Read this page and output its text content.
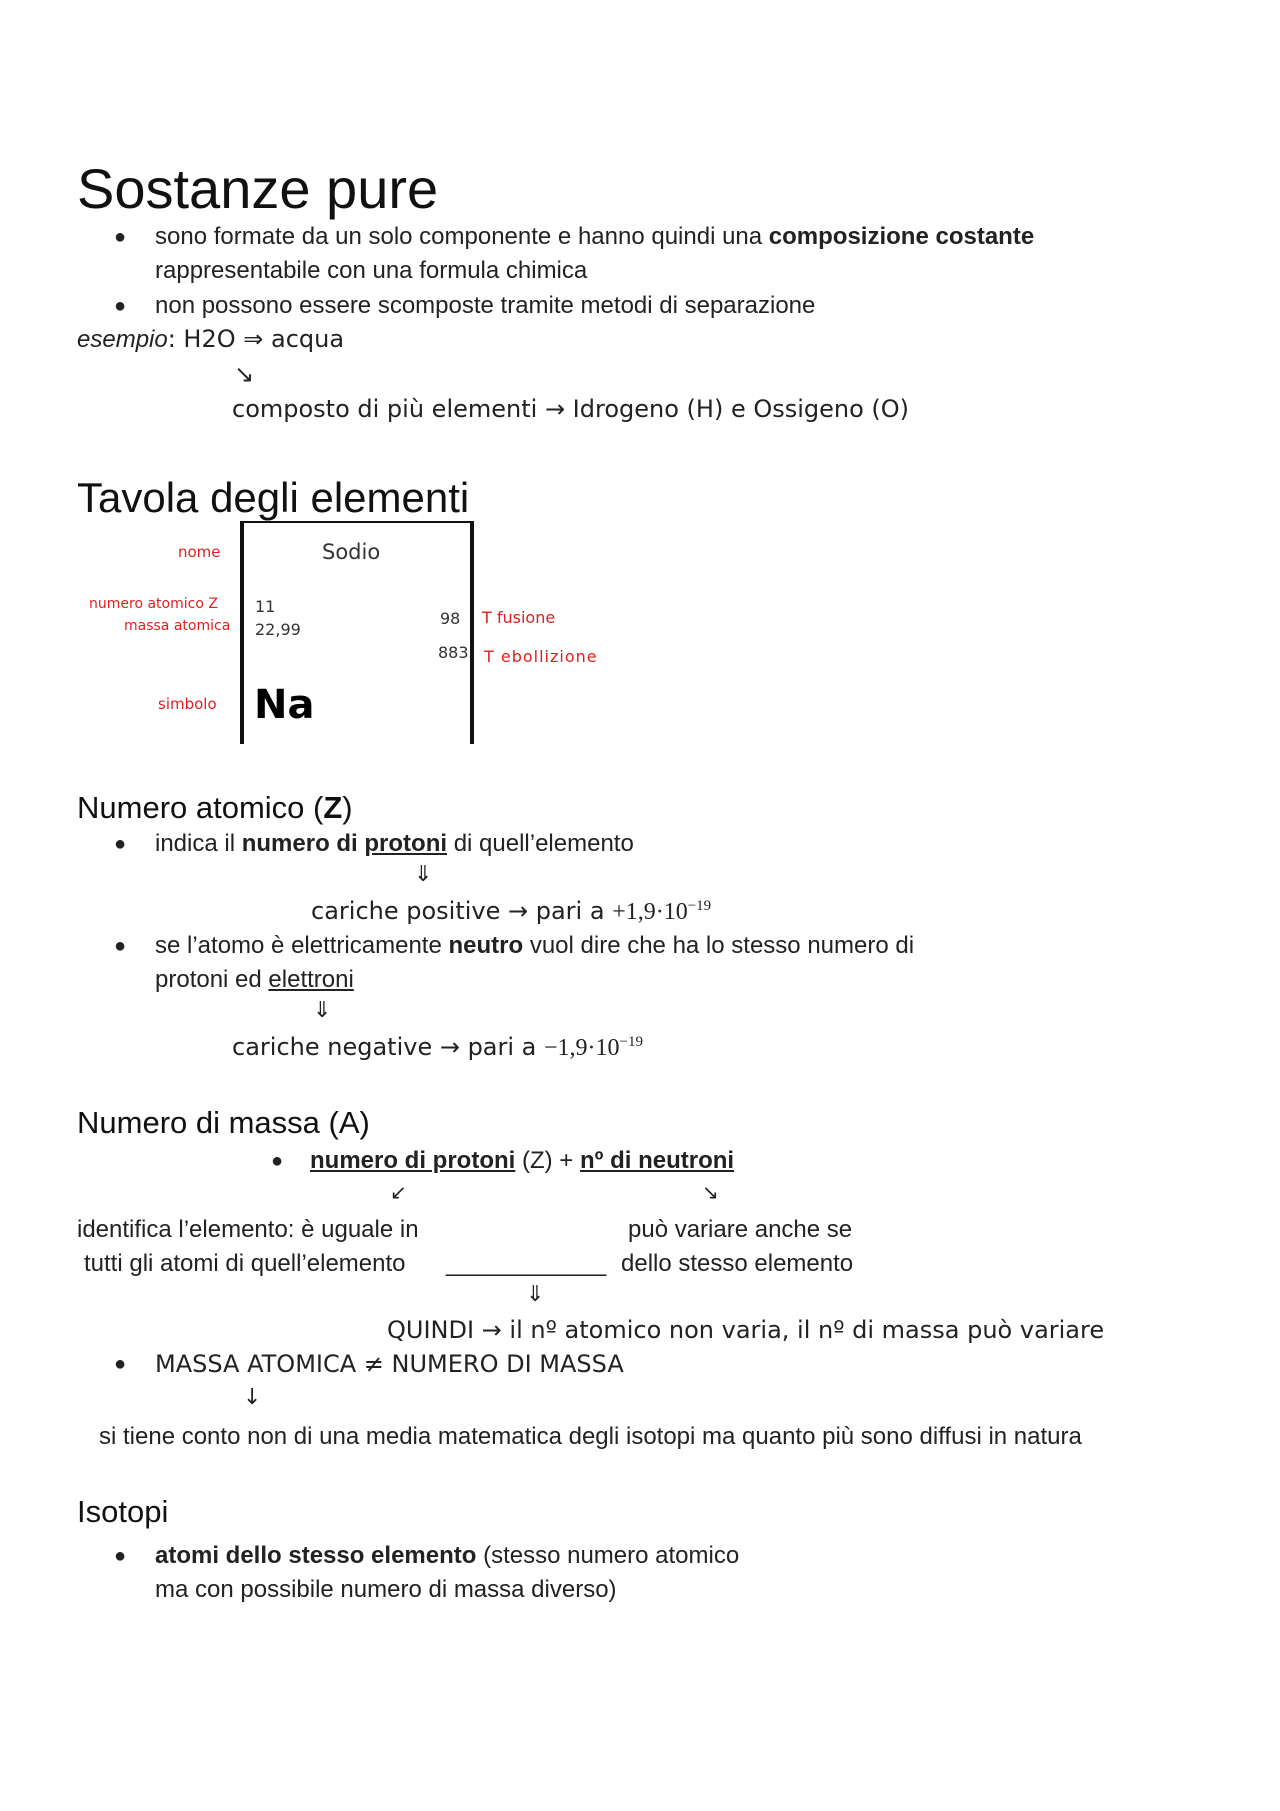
Sostanze pure
● sono formate da un solo componente e hanno quindi una composizione costante
rappresentabile con una formula chimica
● non possono essere scomposte tramite metodi di separazione
esempio: H2O ⇒ acqua
↘
composto di più elementi → Idrogeno (H) e Ossigeno (O)
Tavola degli elementi
nome
numero atomico Z
massa atomica
simbolo
Sodio
11
22,99
98
883
Na
T fusione
T ebollizione
Numero atomico (Z)
● indica il numero di protoni di quell’elemento
⇓
cariche positive → pari $a +1,9\cdot 10^{-19}$
● se l’atomo è elettricamente neutro vuol dire che ha lo stesso numero di
protoni ed elettroni
⇓
cariche negative → pari $a -1,9\cdot 10^{-19}$
Numero di massa (A)
● numero di protoni (Z) + nº di neutroni
↙	↘
identifica l’elemento: è uguale in
tutti gli atomi di quell’elemento ____________
può variare anche se
dello stesso elemento
⇓
QUINDI → il nº atomico non varia, il nº di massa può variare
● MASSA ATOMICA ≠ NUMERO DI MASSA
↓
si tiene conto non di una media matematica degli isotopi ma quanto più sono diffusi in natura
Isotopi
● atomi dello stesso elemento (stesso numero atomico
ma con possibile numero di massa diverso)
